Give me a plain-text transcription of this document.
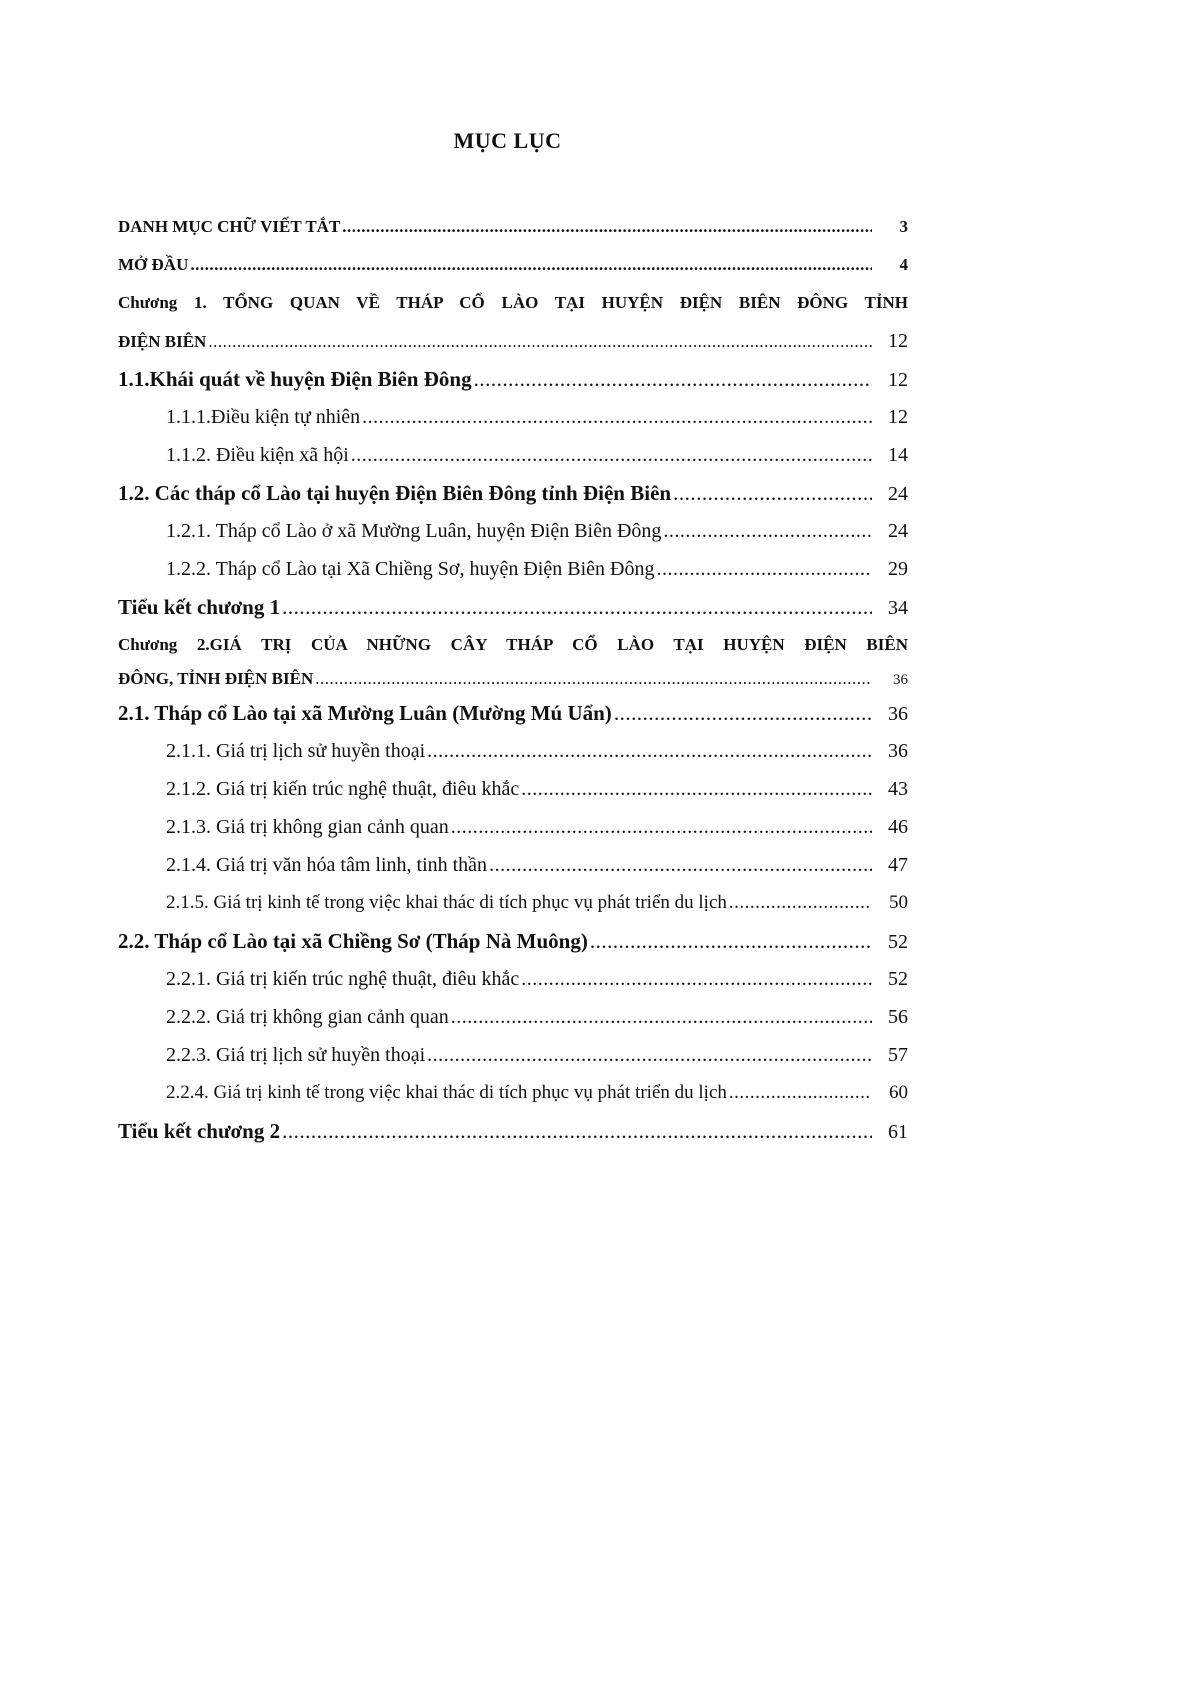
MỤC LỤC
DANH MỤC CHỮ VIẾT TẮT .....	3
MỞ ĐẦU .....	4
Chương 1. TỔNG QUAN VỀ THÁP CỔ LÀO TẠI HUYỆN ĐIỆN BIÊN ĐÔNG TỈNH
ĐIỆN BIÊN .....	12
1.1.Khái quát về huyện Điện Biên Đông .....	12
1.1.1.Điều kiện tự nhiên .....	12
1.1.2. Điều kiện xã hội .....	14
1.2. Các tháp cổ Lào tại huyện Điện Biên Đông tỉnh Điện Biên .....	24
1.2.1. Tháp cổ Lào ở xã Mường Luân, huyện Điện Biên Đông .....	24
1.2.2. Tháp cổ Lào tại Xã Chiềng Sơ, huyện Điện Biên Đông .....	29
Tiểu kết chương 1 .....	34
Chương 2.GIÁ TRỊ CỦA NHỮNG CÂY THÁP CỔ LÀO TẠI HUYỆN ĐIỆN BIÊN
ĐÔNG, TỈNH ĐIỆN BIÊN .....	36
2.1. Tháp cổ Lào tại xã Mường Luân (Mường Mú Uẩn) .....	36
2.1.1. Giá trị lịch sử huyền thoại .....	36
2.1.2. Giá trị kiến trúc nghệ thuật, điêu khắc .....	43
2.1.3. Giá trị không gian cảnh quan .....	46
2.1.4. Giá trị văn hóa tâm linh, tinh thần .....	47
2.1.5. Giá trị kinh tế trong việc khai thác di tích phục vụ phát triển du lịch .....	50
2.2. Tháp cổ Lào tại xã Chiềng Sơ (Tháp Nà Muông) .....	52
2.2.1. Giá trị kiến trúc nghệ thuật, điêu khắc .....	52
2.2.2. Giá trị không gian cảnh quan .....	56
2.2.3. Giá trị lịch sử huyền thoại .....	57
2.2.4. Giá trị kinh tế trong việc khai thác di tích phục vụ phát triển du lịch .....	60
Tiểu kết chương 2 .....	61
